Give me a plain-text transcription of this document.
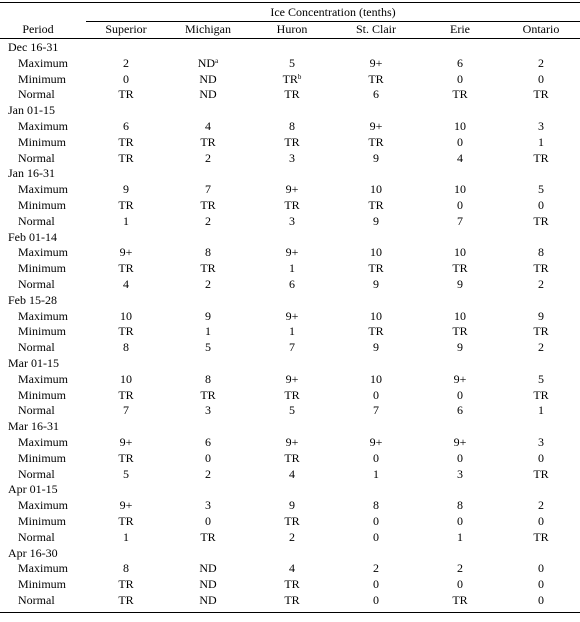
Ice Concentration (tenths)
Period	Superior	Michigan	Huron	St. Clair	Erie	Ontario
Dec 16-31						
Maximum	2	$ND^a$	5	9+	6	2
Minimum	0	ND	$TR^b$	TR	0	0
Normal	TR	ND	TR	6	TR	TR
Jan 01-15						
Maximum	6	4	8	9+	10	3
Minimum	TR	TR	TR	TR	0	1
Normal	TR	2	3	9	4	TR
Jan 16-31						
Maximum	9	7	9+	10	10	5
Minimum	TR	TR	TR	TR	0	0
Normal	1	2	3	9	7	TR
Feb 01-14						
Maximum	9+	8	9+	10	10	8
Minimum	TR	TR	1	TR	TR	TR
Normal	4	2	6	9	9	2
Feb 15-28						
Maximum	10	9	9+	10	10	9
Minimum	TR	1	1	TR	TR	TR
Normal	8	5	7	9	9	2
Mar 01-15						
Maximum	10	8	9+	10	9+	5
Minimum	TR	TR	TR	0	0	TR
Normal	7	3	5	7	6	1
Mar 16-31						
Maximum	9+	6	9+	9+	9+	3
Minimum	TR	0	TR	0	0	0
Normal	5	2	4	1	3	TR
Apr 01-15						
Maximum	9+	3	9	8	8	2
Minimum	TR	0	TR	0	0	0
Normal	1	TR	2	0	1	TR
Apr 16-30						
Maximum	8	ND	4	2	2	0
Minimum	TR	ND	TR	0	0	0
Normal	TR	ND	TR	0	TR	0
